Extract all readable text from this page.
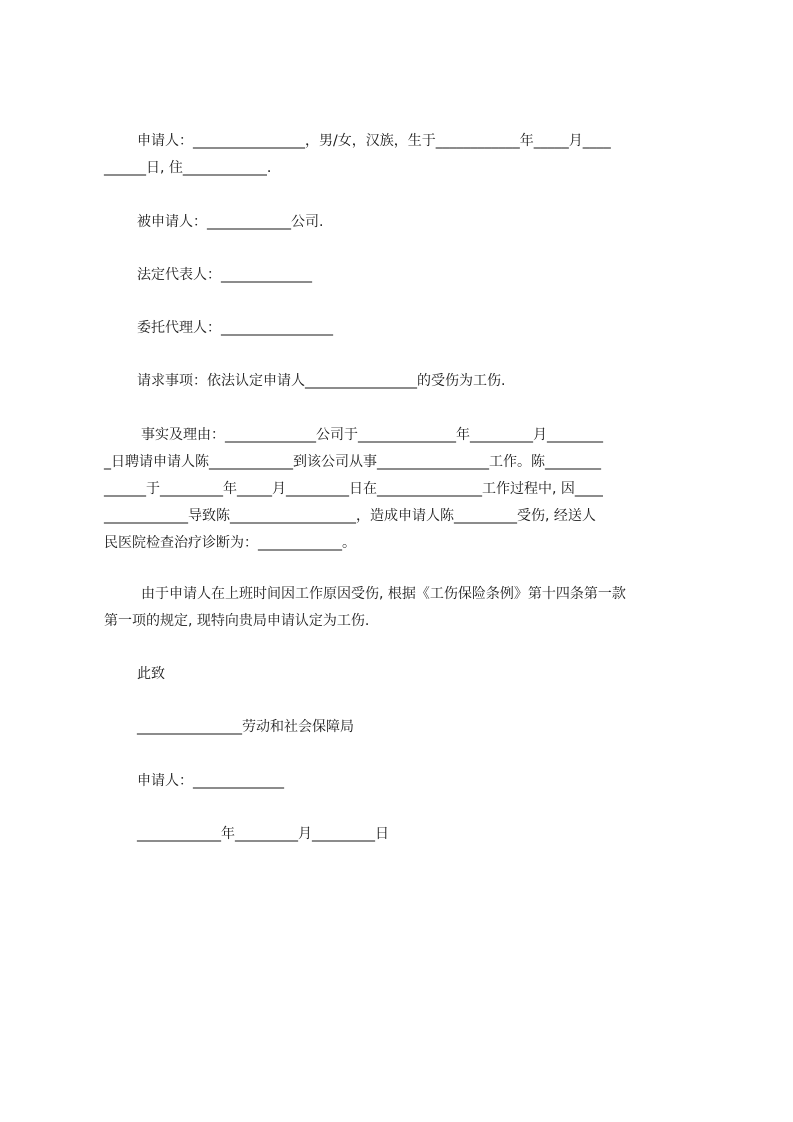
申请人：________________，男/女，汉族，生于____________年_____月____
______日, 住____________.
被申请人：____________公司.
法定代表人：_____________
委托代理人：________________
请求事项：依法认定申请人________________的受伤为工伤.
事实及理由：_____________公司于______________年_________月________
_日聘请申请人陈____________到该公司从事________________工作。陈________
______于_________年_____月_________日在_______________工作过程中, 因____
____________导致陈__________________，造成申请人陈_________受伤, 经送人
民医院检查治疗诊断为：____________。
由于申请人在上班时间因工作原因受伤, 根据《工伤保险条例》第十四条第一款
第一项的规定, 现特向贵局申请认定为工伤.
此致
_______________劳动和社会保障局
申请人：_____________
____________年_________月_________日
